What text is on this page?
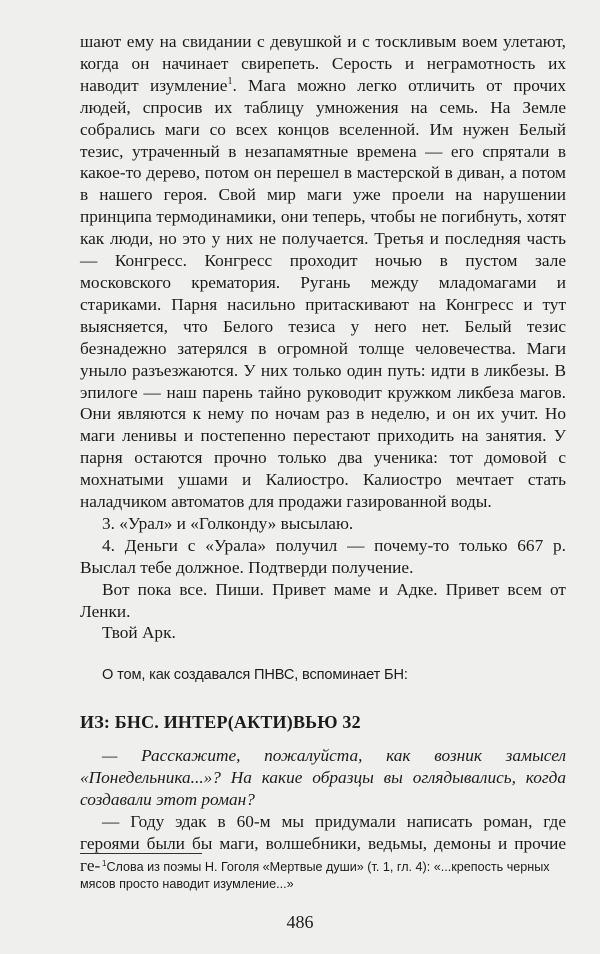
шают ему на свидании с девушкой и с тоскливым воем улетают, когда он начинает свирепеть. Серость и неграмотность их наводит изумление$^1$. Мага можно легко отличить от прочих людей, спросив их таблицу умножения на семь. На Земле собрались маги со всех концов вселенной. Им нужен Белый тезис, утраченный в незапамятные времена — его спрятали в какое-то дерево, потом он перешел в мастерской в диван, а потом в нашего героя. Свой мир маги уже проели на нарушении принципа термодинамики, они теперь, чтобы не погибнуть, хотят как люди, но это у них не получается. Третья и последняя часть — Конгресс. Конгресс проходит ночью в пустом зале московского крематория. Ругань между младомагами и стариками. Парня насильно притаскивают на Конгресс и тут выясняется, что Белого тезиса у него нет. Белый тезис безнадежно затерялся в огромной толще человечества. Маги уныло разъезжаются. У них только один путь: идти в ликбезы. В эпилоге — наш парень тайно руководит кружком ликбеза магов. Они являются к нему по ночам раз в неделю, и он их учит. Но маги ленивы и постепенно перестают приходить на занятия. У парня остаются прочно только два ученика: тот домовой с мохнатыми ушами и Калиостро. Калиостро мечтает стать наладчиком автоматов для продажи газированной воды.

3. «Урал» и «Голконду» высылаю.

4. Деньги с «Урала» получил — почему-то только 667 р. Выслал тебе должное. Подтверди получение.

Вот пока все. Пиши. Привет маме и Адке. Привет всем от Ленки.

Твой Арк.

О том, как создавался ПНВС, вспоминает БН:

ИЗ: БНС. ИНТЕР(АКТИ)ВЬЮ 32

— Расскажите, пожалуйста, как возник замысел «Понедельника...»? На какие образцы вы оглядывались, когда создавали этот роман?

— Году эдак в 60-м мы придумали написать роман, где героями были бы маги, волшебники, ведьмы, демоны и прочие ге- $^1$Слова из поэмы Н. Гоголя «Мертвые души» (т. 1, гл. 4): «...крепость черных мясов просто наводит изумление...»

486
